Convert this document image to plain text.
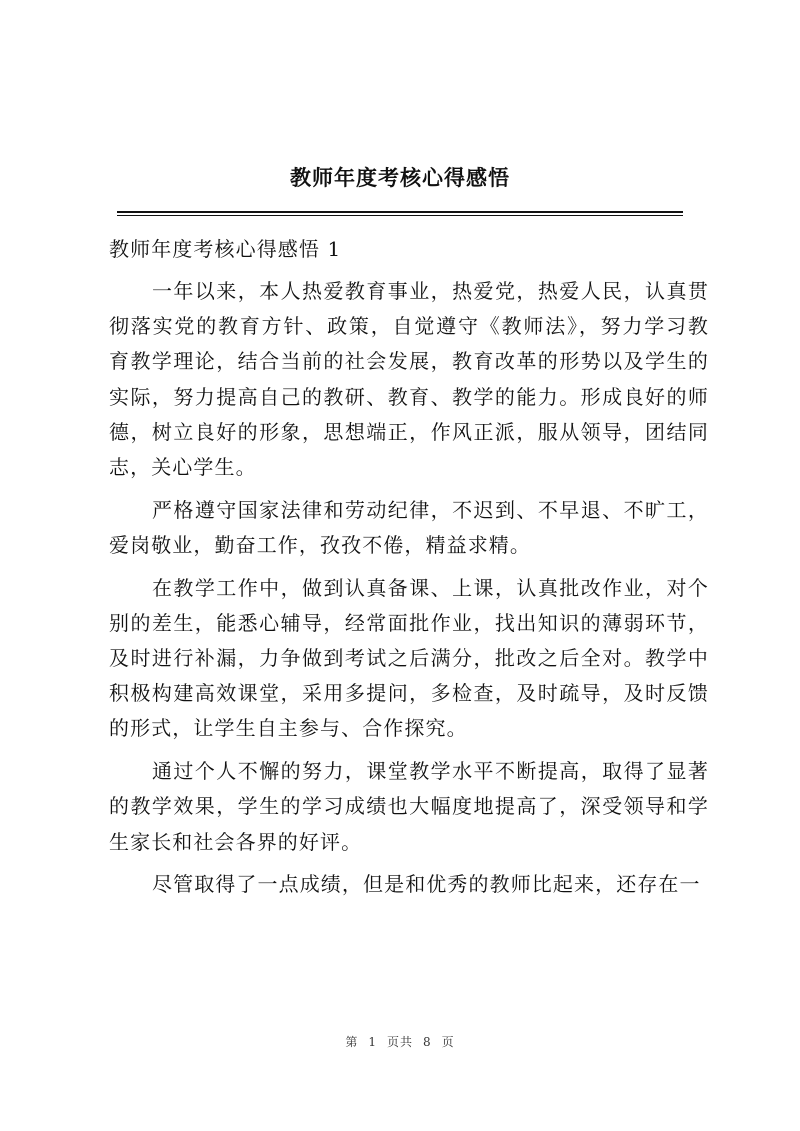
教师年度考核心得感悟

教师年度考核心得感悟 1

一年以来，本人热爱教育事业，热爱党，热爱人民，认真贯彻落实党的教育方针、政策，自觉遵守《教师法》，努力学习教育教学理论，结合当前的社会发展，教育改革的形势以及学生的实际，努力提高自己的教研、教育、教学的能力。形成良好的师德，树立良好的形象，思想端正，作风正派，服从领导，团结同志，关心学生。

严格遵守国家法律和劳动纪律，不迟到、不早退、不旷工，爱岗敬业，勤奋工作，孜孜不倦，精益求精。

在教学工作中，做到认真备课、上课，认真批改作业，对个别的差生，能悉心辅导，经常面批作业，找出知识的薄弱环节，及时进行补漏，力争做到考试之后满分，批改之后全对。教学中积极构建高效课堂，采用多提问，多检查，及时疏导，及时反馈的形式，让学生自主参与、合作探究。

通过个人不懈的努力，课堂教学水平不断提高，取得了显著的教学效果，学生的学习成绩也大幅度地提高了，深受领导和学生家长和社会各界的好评。

尽管取得了一点成绩，但是和优秀的教师比起来，还存在一

第 1 页共 8 页
